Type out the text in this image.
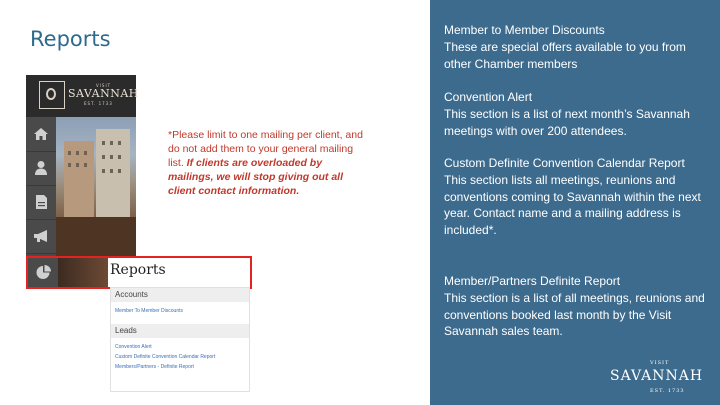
Reports
VISIT
SAVANNAH
EST. 1733
Reports
Accounts
Member To Member Discounts
Leads
Convention Alert
Custom Definite Convention Calendar Report
Members/Partners - Definite Report
*Please limit to one mailing per client, and do not add them to your general mailing list. If clients are overloaded by mailings, we will stop giving out all client contact information.
Member to Member Discounts
These are special offers available to you from other Chamber members
Convention Alert
This section is a list of next month’s Savannah meetings with over 200 attendees.
Custom Definite Convention Calendar Report
This section lists all meetings, reunions and conventions coming to Savannah within the next year. Contact name and a mailing address is included*.
Member/Partners Definite Report
This section is a list of all meetings, reunions and conventions booked last month by the Visit Savannah sales team.
VISIT
SAVANNAH
EST. 1733
